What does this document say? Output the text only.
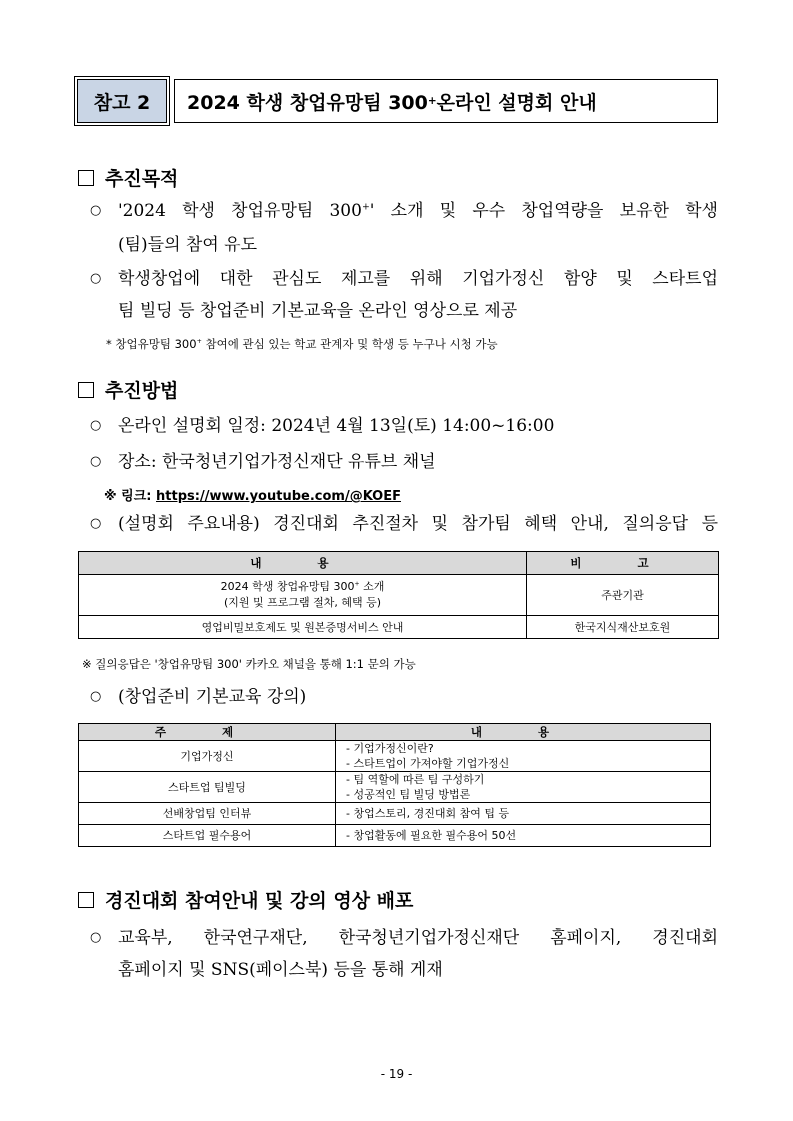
참고 2 2024 학생 창업유망팀 300 + 온라인 설명회 안내
추진목적
○ '2024 학생 창업유망팀 300+' 소개 및 우수 창업역량을 보유한 학생
(팀)들의 참여 유도
○ 학생창업에 대한 관심도 제고를 위해 기업가정신 함양 및 스타트업
팀 빌딩 등 창업준비 기본교육을 온라인 영상으로 제공
* 창업유망팀 300+ 참여에 관심 있는 학교 관계자 및 학생 등 누구나 시청 가능
추진방법
○ 온라인 설명회 일정: 2024년 4월 13일(토) 14:00~16:00
○ 장소: 한국청년기업가정신재단 유튜브 채널
※ 링크: https://www.youtube.com/@KOEF
○ (설명회 주요내용) 경진대회 추진절차 및 참가팀 혜택 안내, 질의응답 등
내 용	비 고
2024 학생 창업유망팀 300+ 소개
(지원 및 프로그램 절차, 혜택 등)	주관기관
영업비밀보호제도 및 원본증명서비스 안내	한국지식재산보호원
※ 질의응답은 '창업유망팀 300' 카카오 채널을 통해 1:1 문의 가능
○ (창업준비 기본교육 강의)
주 제	내 용
기업가정신	- 기업가정신이란?
- 스타트업이 가져야할 기업가정신
스타트업 팀빌딩	- 팀 역할에 따른 팀 구성하기
- 성공적인 팀 빌딩 방법론
선배창업팀 인터뷰	- 창업스토리, 경진대회 참여 팁 등
스타트업 필수용어	- 창업활동에 필요한 필수용어 50선
경진대회 참여안내 및 강의 영상 배포
○ 교육부, 한국연구재단, 한국청년기업가정신재단 홈페이지, 경진대회
홈페이지 및 SNS(페이스북) 등을 통해 게재
- 19 -
